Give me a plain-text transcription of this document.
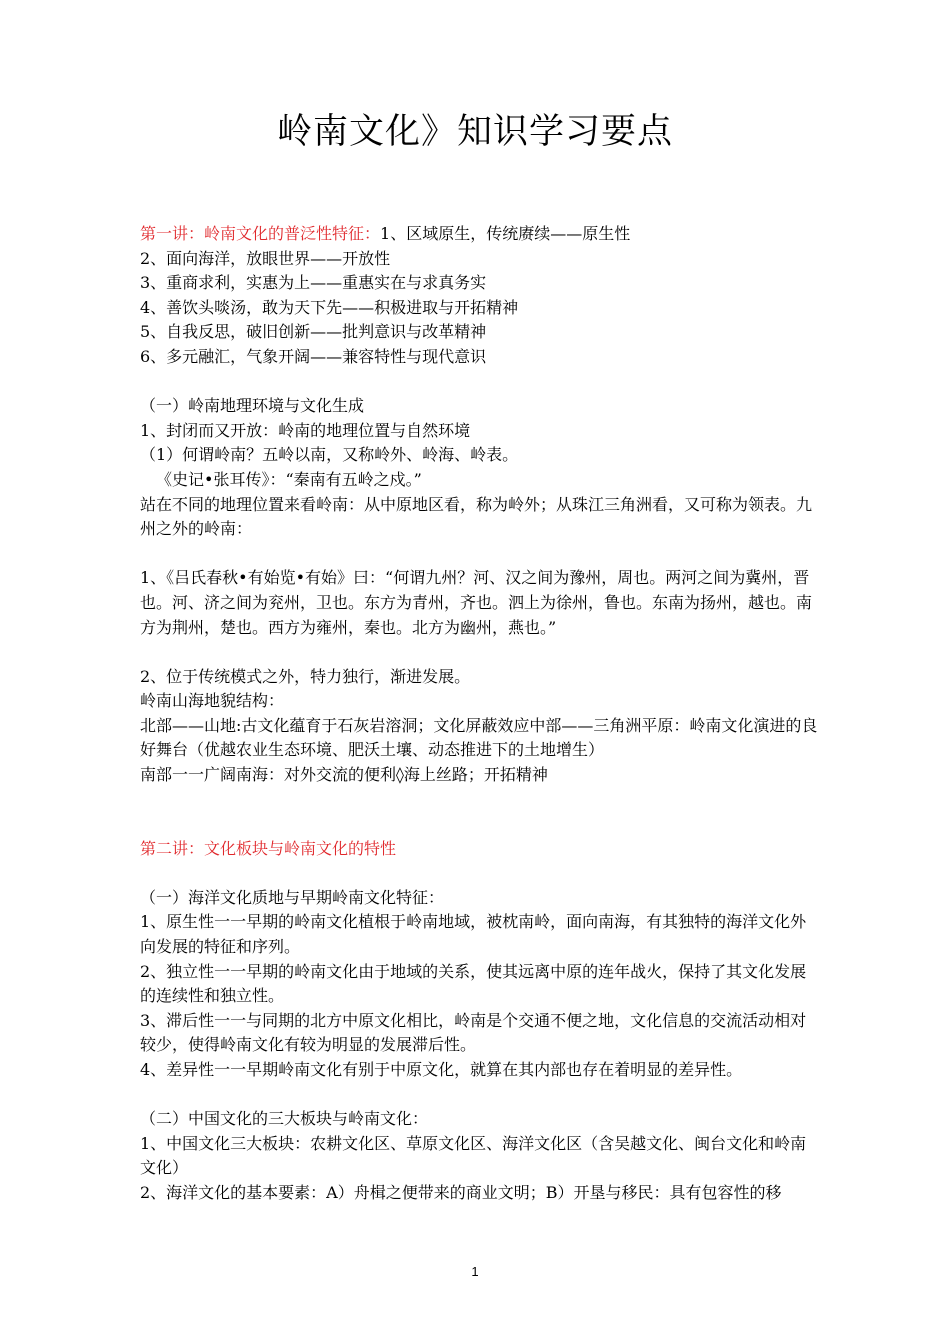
岭南文化》知识学习要点

第一讲：岭南文化的普泛性特征：1、区域原生，传统赓续——原生性

2、面向海洋，放眼世界——开放性

3、重商求利，实惠为上——重惠实在与求真务实

4、善饮头啖汤，敢为天下先——积极进取与开拓精神

5、自我反思，破旧创新——批判意识与改革精神

6、多元融汇，气象开阔——兼容特性与现代意识

（一）岭南地理环境与文化生成

1、封闭而又开放：岭南的地理位置与自然环境

（1）何谓岭南？五岭以南，又称岭外、岭海、岭表。

《史记•张耳传》：“秦南有五岭之戍。”

站在不同的地理位置来看岭南：从中原地区看，称为岭外；从珠江三角洲看，又可称为领表。九州之外的岭南：

1、《吕氏春秋•有始览•有始》曰：“何谓九州？河、汉之间为豫州，周也。两河之间为冀州，晋也。河、济之间为兖州，卫也。东方为青州，齐也。泗上为徐州，鲁也。东南为扬州，越也。南方为荆州，楚也。西方为雍州，秦也。北方为幽州，燕也。”

2、位于传统模式之外，特力独行，渐进发展。

岭南山海地貌结构：

北部——山地:古文化蕴育于石灰岩溶洞；文化屏蔽效应中部——三角洲平原：岭南文化演进的良好舞台（优越农业生态环境、肥沃土壤、动态推进下的土地增生）

南部一一广阔南海：对外交流的便利◊海上丝路；开拓精神

第二讲：文化板块与岭南文化的特性

（一）海洋文化质地与早期岭南文化特征：

1、原生性一一早期的岭南文化植根于岭南地域，被枕南岭，面向南海，有其独特的海洋文化外向发展的特征和序列。

2、独立性一一早期的岭南文化由于地域的关系，使其远离中原的连年战火，保持了其文化发展的连续性和独立性。

3、滞后性一一与同期的北方中原文化相比，岭南是个交通不便之地，文化信息的交流活动相对较少，使得岭南文化有较为明显的发展滞后性。

4、差异性一一早期岭南文化有别于中原文化，就算在其内部也存在着明显的差异性。

（二）中国文化的三大板块与岭南文化：

1、中国文化三大板块：农耕文化区、草原文化区、海洋文化区（含吴越文化、闽台文化和岭南文化）

2、海洋文化的基本要素：A）舟楫之便带来的商业文明；B）开垦与移民：具有包容性的移

1
